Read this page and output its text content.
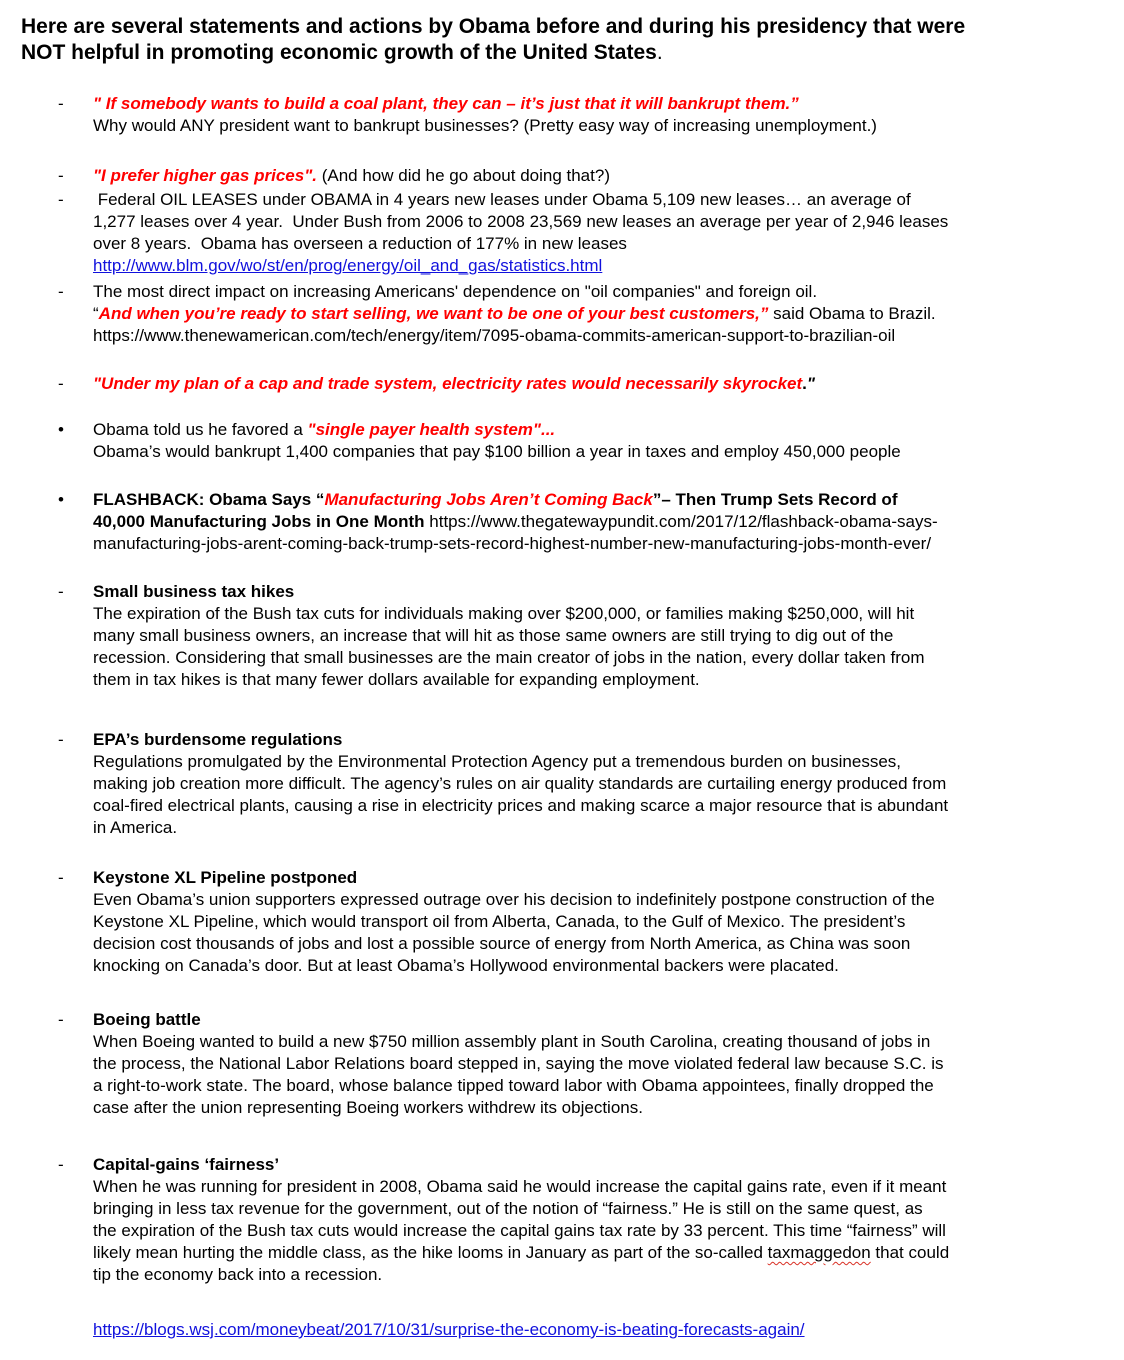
Here are several statements and actions by Obama before and during his presidency that were
NOT helpful in promoting economic growth of the United States.
- " If somebody wants to build a coal plant, they can – it’s just that it will bankrupt them.”
Why would ANY president want to bankrupt businesses? (Pretty easy way of increasing unemployment.)
- "I prefer higher gas prices". (And how did he go about doing that?)
- Federal OIL LEASES under OBAMA in 4 years new leases under Obama 5,109 new leases… an average of
1,277 leases over 4 year.  Under Bush from 2006 to 2008 23,569 new leases an average per year of 2,946 leases
over 8 years.  Obama has overseen a reduction of 177% in new leases
http://www.blm.gov/wo/st/en/prog/energy/oil_and_gas/statistics.html
- The most direct impact on increasing Americans' dependence on "oil companies" and foreign oil.
“And when you’re ready to start selling, we want to be one of your best customers,” said Obama to Brazil.
https://www.thenewamerican.com/tech/energy/item/7095-obama-commits-american-support-to-brazilian-oil
- "Under my plan of a cap and trade system, electricity rates would necessarily skyrocket."
• Obama told us he favored a "single payer health system"...
Obama’s would bankrupt 1,400 companies that pay $100 billion a year in taxes and employ 450,000 people
• FLASHBACK: Obama Says “Manufacturing Jobs Aren’t Coming Back”– Then Trump Sets Record of
40,000 Manufacturing Jobs in One Month https://www.thegatewaypundit.com/2017/12/flashback-obama-says-
manufacturing-jobs-arent-coming-back-trump-sets-record-highest-number-new-manufacturing-jobs-month-ever/
- Small business tax hikes
The expiration of the Bush tax cuts for individuals making over $200,000, or families making $250,000, will hit
many small business owners, an increase that will hit as those same owners are still trying to dig out of the
recession. Considering that small businesses are the main creator of jobs in the nation, every dollar taken from
them in tax hikes is that many fewer dollars available for expanding employment.
- EPA’s burdensome regulations
Regulations promulgated by the Environmental Protection Agency put a tremendous burden on businesses,
making job creation more difficult. The agency’s rules on air quality standards are curtailing energy produced from
coal-fired electrical plants, causing a rise in electricity prices and making scarce a major resource that is abundant
in America.
- Keystone XL Pipeline postponed
Even Obama’s union supporters expressed outrage over his decision to indefinitely postpone construction of the
Keystone XL Pipeline, which would transport oil from Alberta, Canada, to the Gulf of Mexico. The president’s
decision cost thousands of jobs and lost a possible source of energy from North America, as China was soon
knocking on Canada’s door. But at least Obama’s Hollywood environmental backers were placated.
- Boeing battle
When Boeing wanted to build a new $750 million assembly plant in South Carolina, creating thousand of jobs in
the process, the National Labor Relations board stepped in, saying the move violated federal law because S.C. is
a right-to-work state. The board, whose balance tipped toward labor with Obama appointees, finally dropped the
case after the union representing Boeing workers withdrew its objections.
- Capital-gains ‘fairness’
When he was running for president in 2008, Obama said he would increase the capital gains rate, even if it meant
bringing in less tax revenue for the government, out of the notion of “fairness.” He is still on the same quest, as
the expiration of the Bush tax cuts would increase the capital gains tax rate by 33 percent. This time “fairness” will
likely mean hurting the middle class, as the hike looms in January as part of the so-called taxmaggedon that could
tip the economy back into a recession.
https://blogs.wsj.com/moneybeat/2017/10/31/surprise-the-economy-is-beating-forecasts-again/
